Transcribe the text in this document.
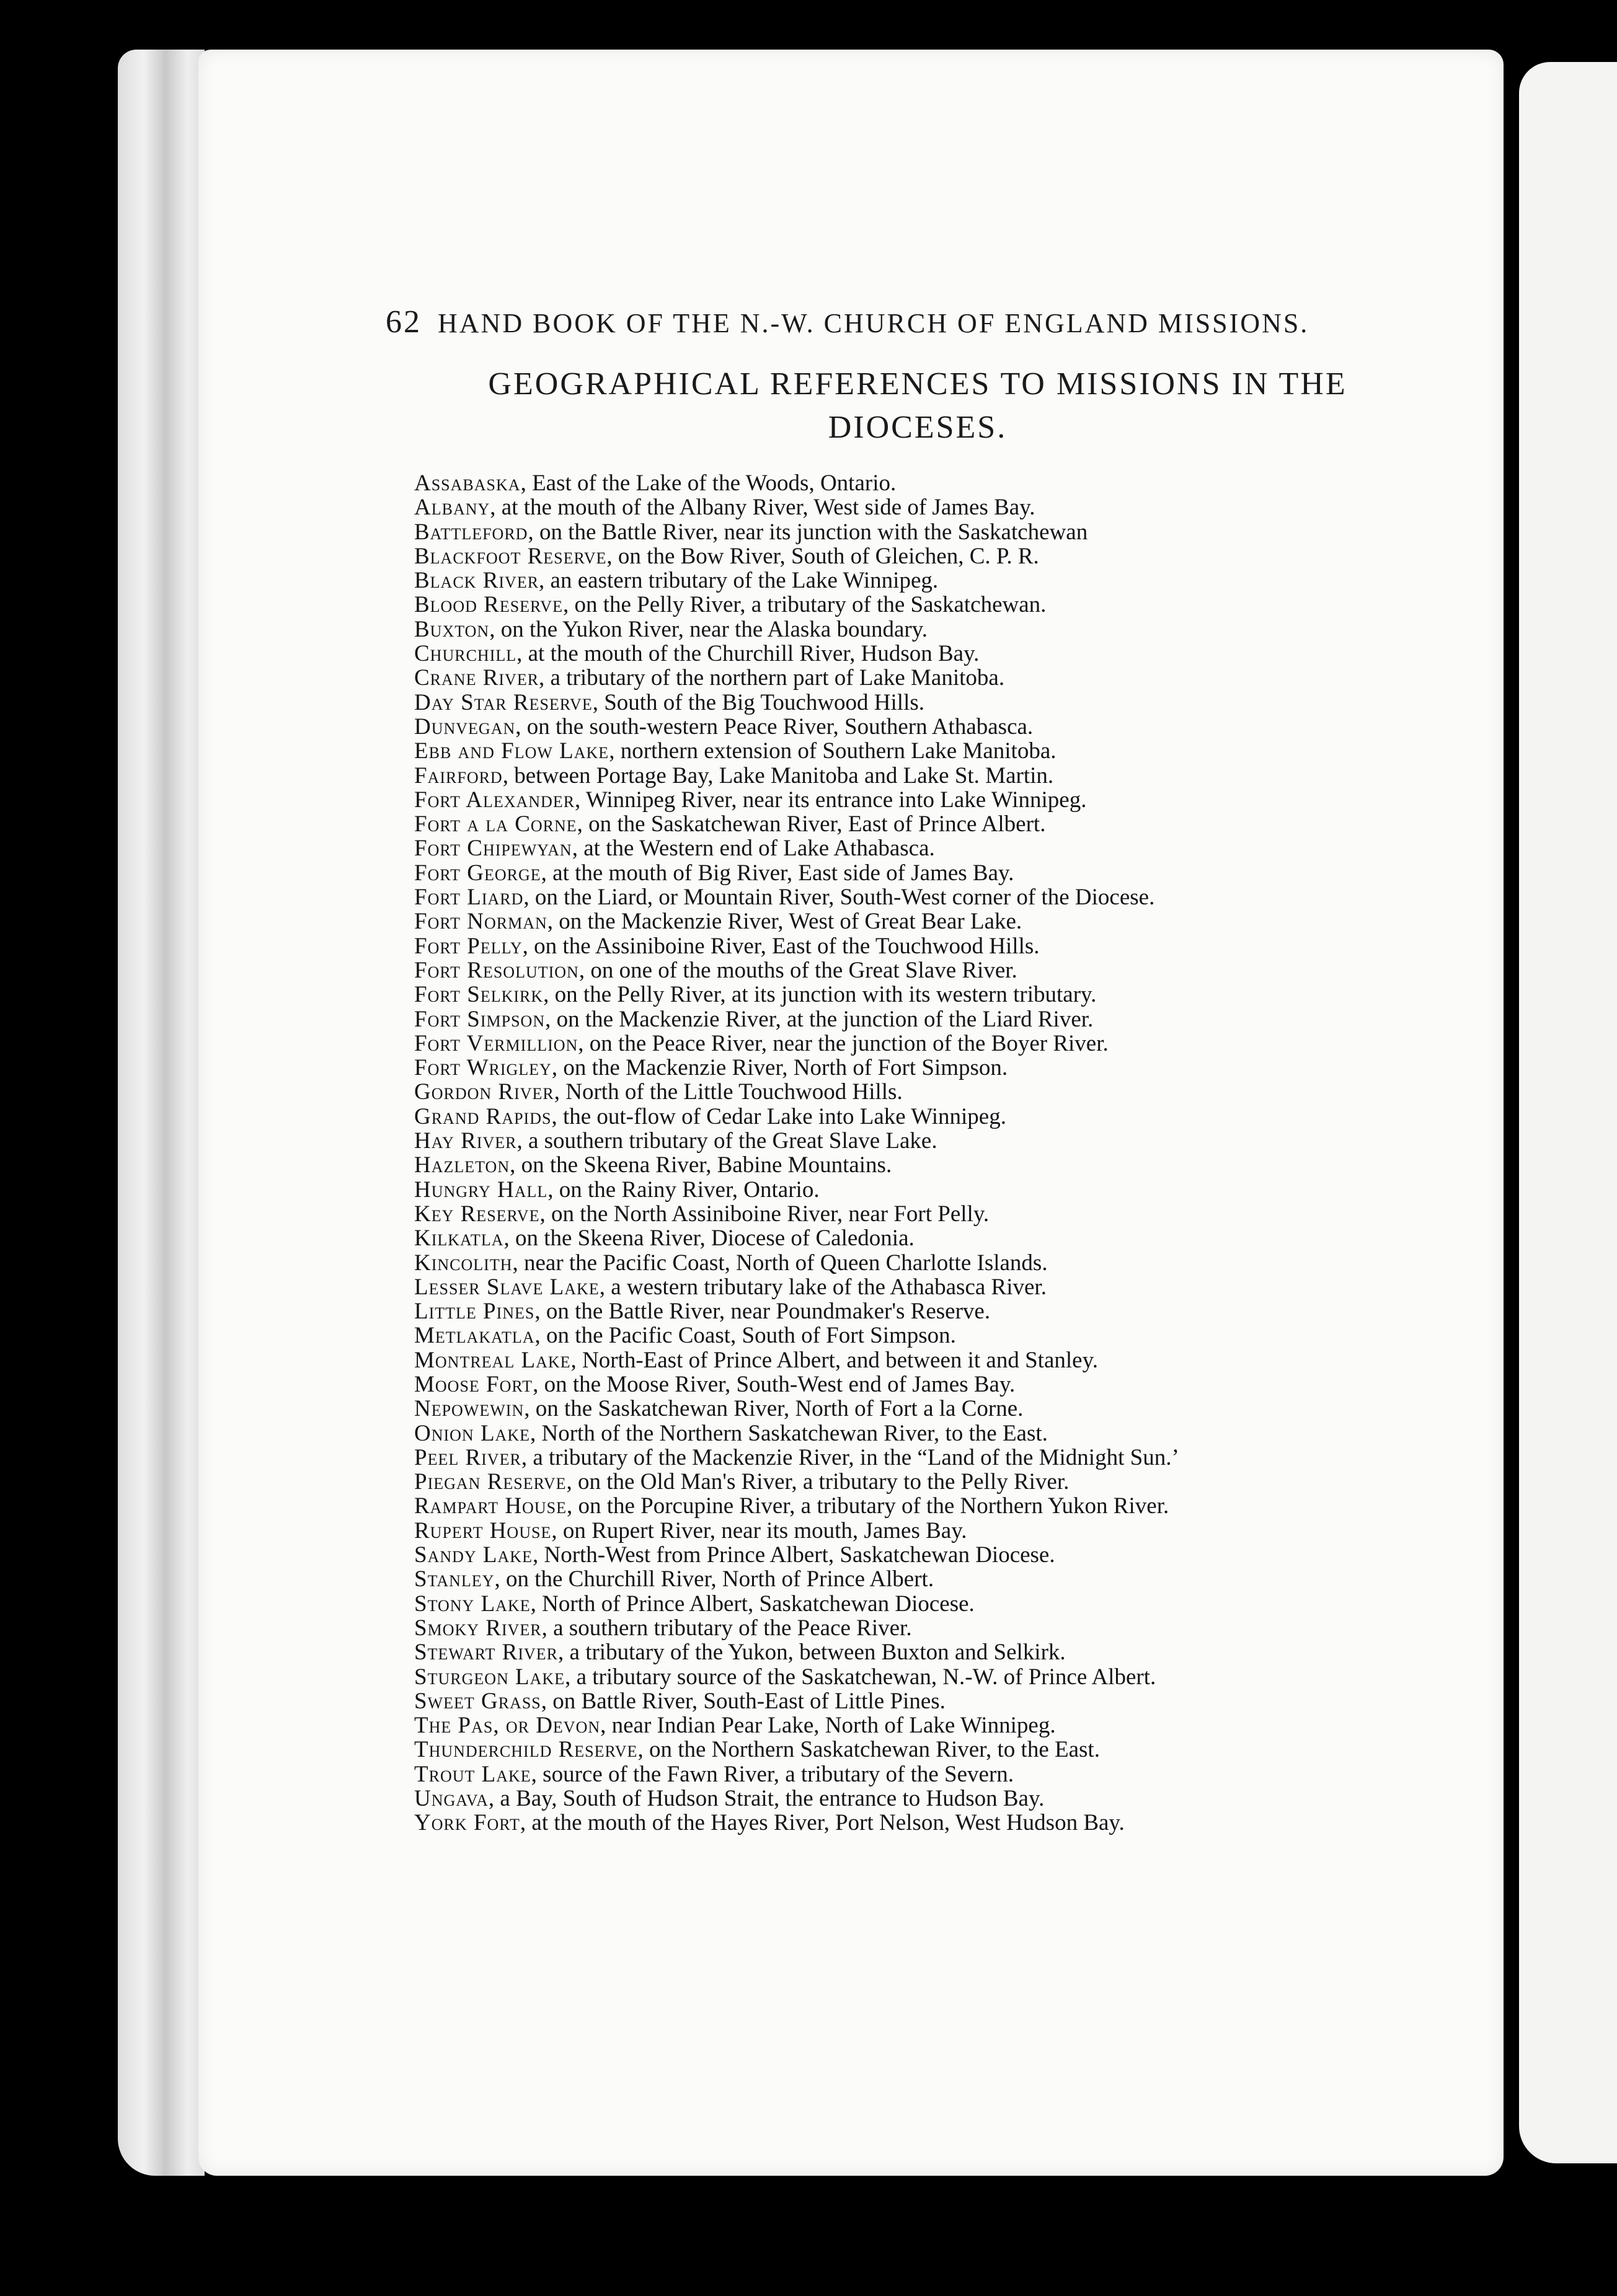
62 HAND BOOK OF THE N.-W. CHURCH OF ENGLAND MISSIONS.
GEOGRAPHICAL REFERENCES TO MISSIONS IN THE
DIOCESES.
Assabaska, East of the Lake of the Woods, Ontario.
Albany, at the mouth of the Albany River, West side of James Bay.
Battleford, on the Battle River, near its junction with the Saskatchewan
Blackfoot Reserve, on the Bow River, South of Gleichen, C. P. R.
Black River, an eastern tributary of the Lake Winnipeg.
Blood Reserve, on the Pelly River, a tributary of the Saskatchewan.
Buxton, on the Yukon River, near the Alaska boundary.
Churchill, at the mouth of the Churchill River, Hudson Bay.
Crane River, a tributary of the northern part of Lake Manitoba.
Day Star Reserve, South of the Big Touchwood Hills.
Dunvegan, on the south-western Peace River, Southern Athabasca.
Ebb and Flow Lake, northern extension of Southern Lake Manitoba.
Fairford, between Portage Bay, Lake Manitoba and Lake St. Martin.
Fort Alexander, Winnipeg River, near its entrance into Lake Winnipeg.
Fort a la Corne, on the Saskatchewan River, East of Prince Albert.
Fort Chipewyan, at the Western end of Lake Athabasca.
Fort George, at the mouth of Big River, East side of James Bay.
Fort Liard, on the Liard, or Mountain River, South-West corner of the Diocese.
Fort Norman, on the Mackenzie River, West of Great Bear Lake.
Fort Pelly, on the Assiniboine River, East of the Touchwood Hills.
Fort Resolution, on one of the mouths of the Great Slave River.
Fort Selkirk, on the Pelly River, at its junction with its western tributary.
Fort Simpson, on the Mackenzie River, at the junction of the Liard River.
Fort Vermillion, on the Peace River, near the junction of the Boyer River.
Fort Wrigley, on the Mackenzie River, North of Fort Simpson.
Gordon River, North of the Little Touchwood Hills.
Grand Rapids, the out-flow of Cedar Lake into Lake Winnipeg.
Hay River, a southern tributary of the Great Slave Lake.
Hazleton, on the Skeena River, Babine Mountains.
Hungry Hall, on the Rainy River, Ontario.
Key Reserve, on the North Assiniboine River, near Fort Pelly.
Kilkatla, on the Skeena River, Diocese of Caledonia.
Kincolith, near the Pacific Coast, North of Queen Charlotte Islands.
Lesser Slave Lake, a western tributary lake of the Athabasca River.
Little Pines, on the Battle River, near Poundmaker's Reserve.
Metlakatla, on the Pacific Coast, South of Fort Simpson.
Montreal Lake, North-East of Prince Albert, and between it and Stanley.
Moose Fort, on the Moose River, South-West end of James Bay.
Nepowewin, on the Saskatchewan River, North of Fort a la Corne.
Onion Lake, North of the Northern Saskatchewan River, to the East.
Peel River, a tributary of the Mackenzie River, in the “Land of the Midnight Sun.’
Piegan Reserve, on the Old Man's River, a tributary to the Pelly River.
Rampart House, on the Porcupine River, a tributary of the Northern Yukon River.
Rupert House, on Rupert River, near its mouth, James Bay.
Sandy Lake, North-West from Prince Albert, Saskatchewan Diocese.
Stanley, on the Churchill River, North of Prince Albert.
Stony Lake, North of Prince Albert, Saskatchewan Diocese.
Smoky River, a southern tributary of the Peace River.
Stewart River, a tributary of the Yukon, between Buxton and Selkirk.
Sturgeon Lake, a tributary source of the Saskatchewan, N.-W. of Prince Albert.
Sweet Grass, on Battle River, South-East of Little Pines.
The Pas, or Devon, near Indian Pear Lake, North of Lake Winnipeg.
Thunderchild Reserve, on the Northern Saskatchewan River, to the East.
Trout Lake, source of the Fawn River, a tributary of the Severn.
Ungava, a Bay, South of Hudson Strait, the entrance to Hudson Bay.
York Fort, at the mouth of the Hayes River, Port Nelson, West Hudson Bay.
